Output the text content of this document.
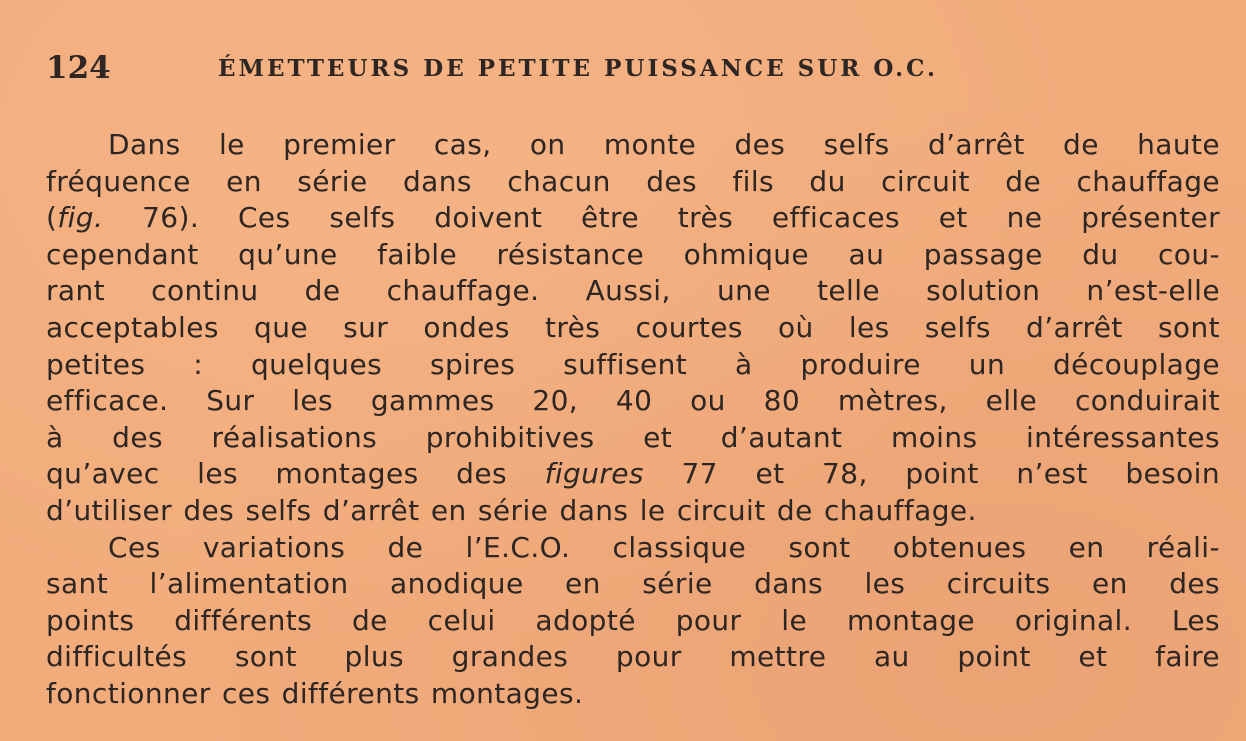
124	ÉMETTEURS DE PETITE PUISSANCE SUR O.C.
Dans le premier cas, on monte des selfs d’arrêt de haute
fréquence en série dans chacun des fils du circuit de chauffage
(fig. 76). Ces selfs doivent être très efficaces et ne présenter
cependant qu’une faible résistance ohmique au passage du cou-
rant continu de chauffage. Aussi, une telle solution n’est-elle
acceptables que sur ondes très courtes où les selfs d’arrêt sont
petites : quelques spires suffisent à produire un découplage
efficace. Sur les gammes 20, 40 ou 80 mètres, elle conduirait
à des réalisations prohibitives et d’autant moins intéressantes
qu’avec les montages des figures 77 et 78, point n’est besoin
d’utiliser des selfs d’arrêt en série dans le circuit de chauffage.
Ces variations de l’E.C.O. classique sont obtenues en réali-
sant l’alimentation anodique en série dans les circuits en des
points différents de celui adopté pour le montage original. Les
difficultés sont plus grandes pour mettre au point et faire
fonctionner ces différents montages.
